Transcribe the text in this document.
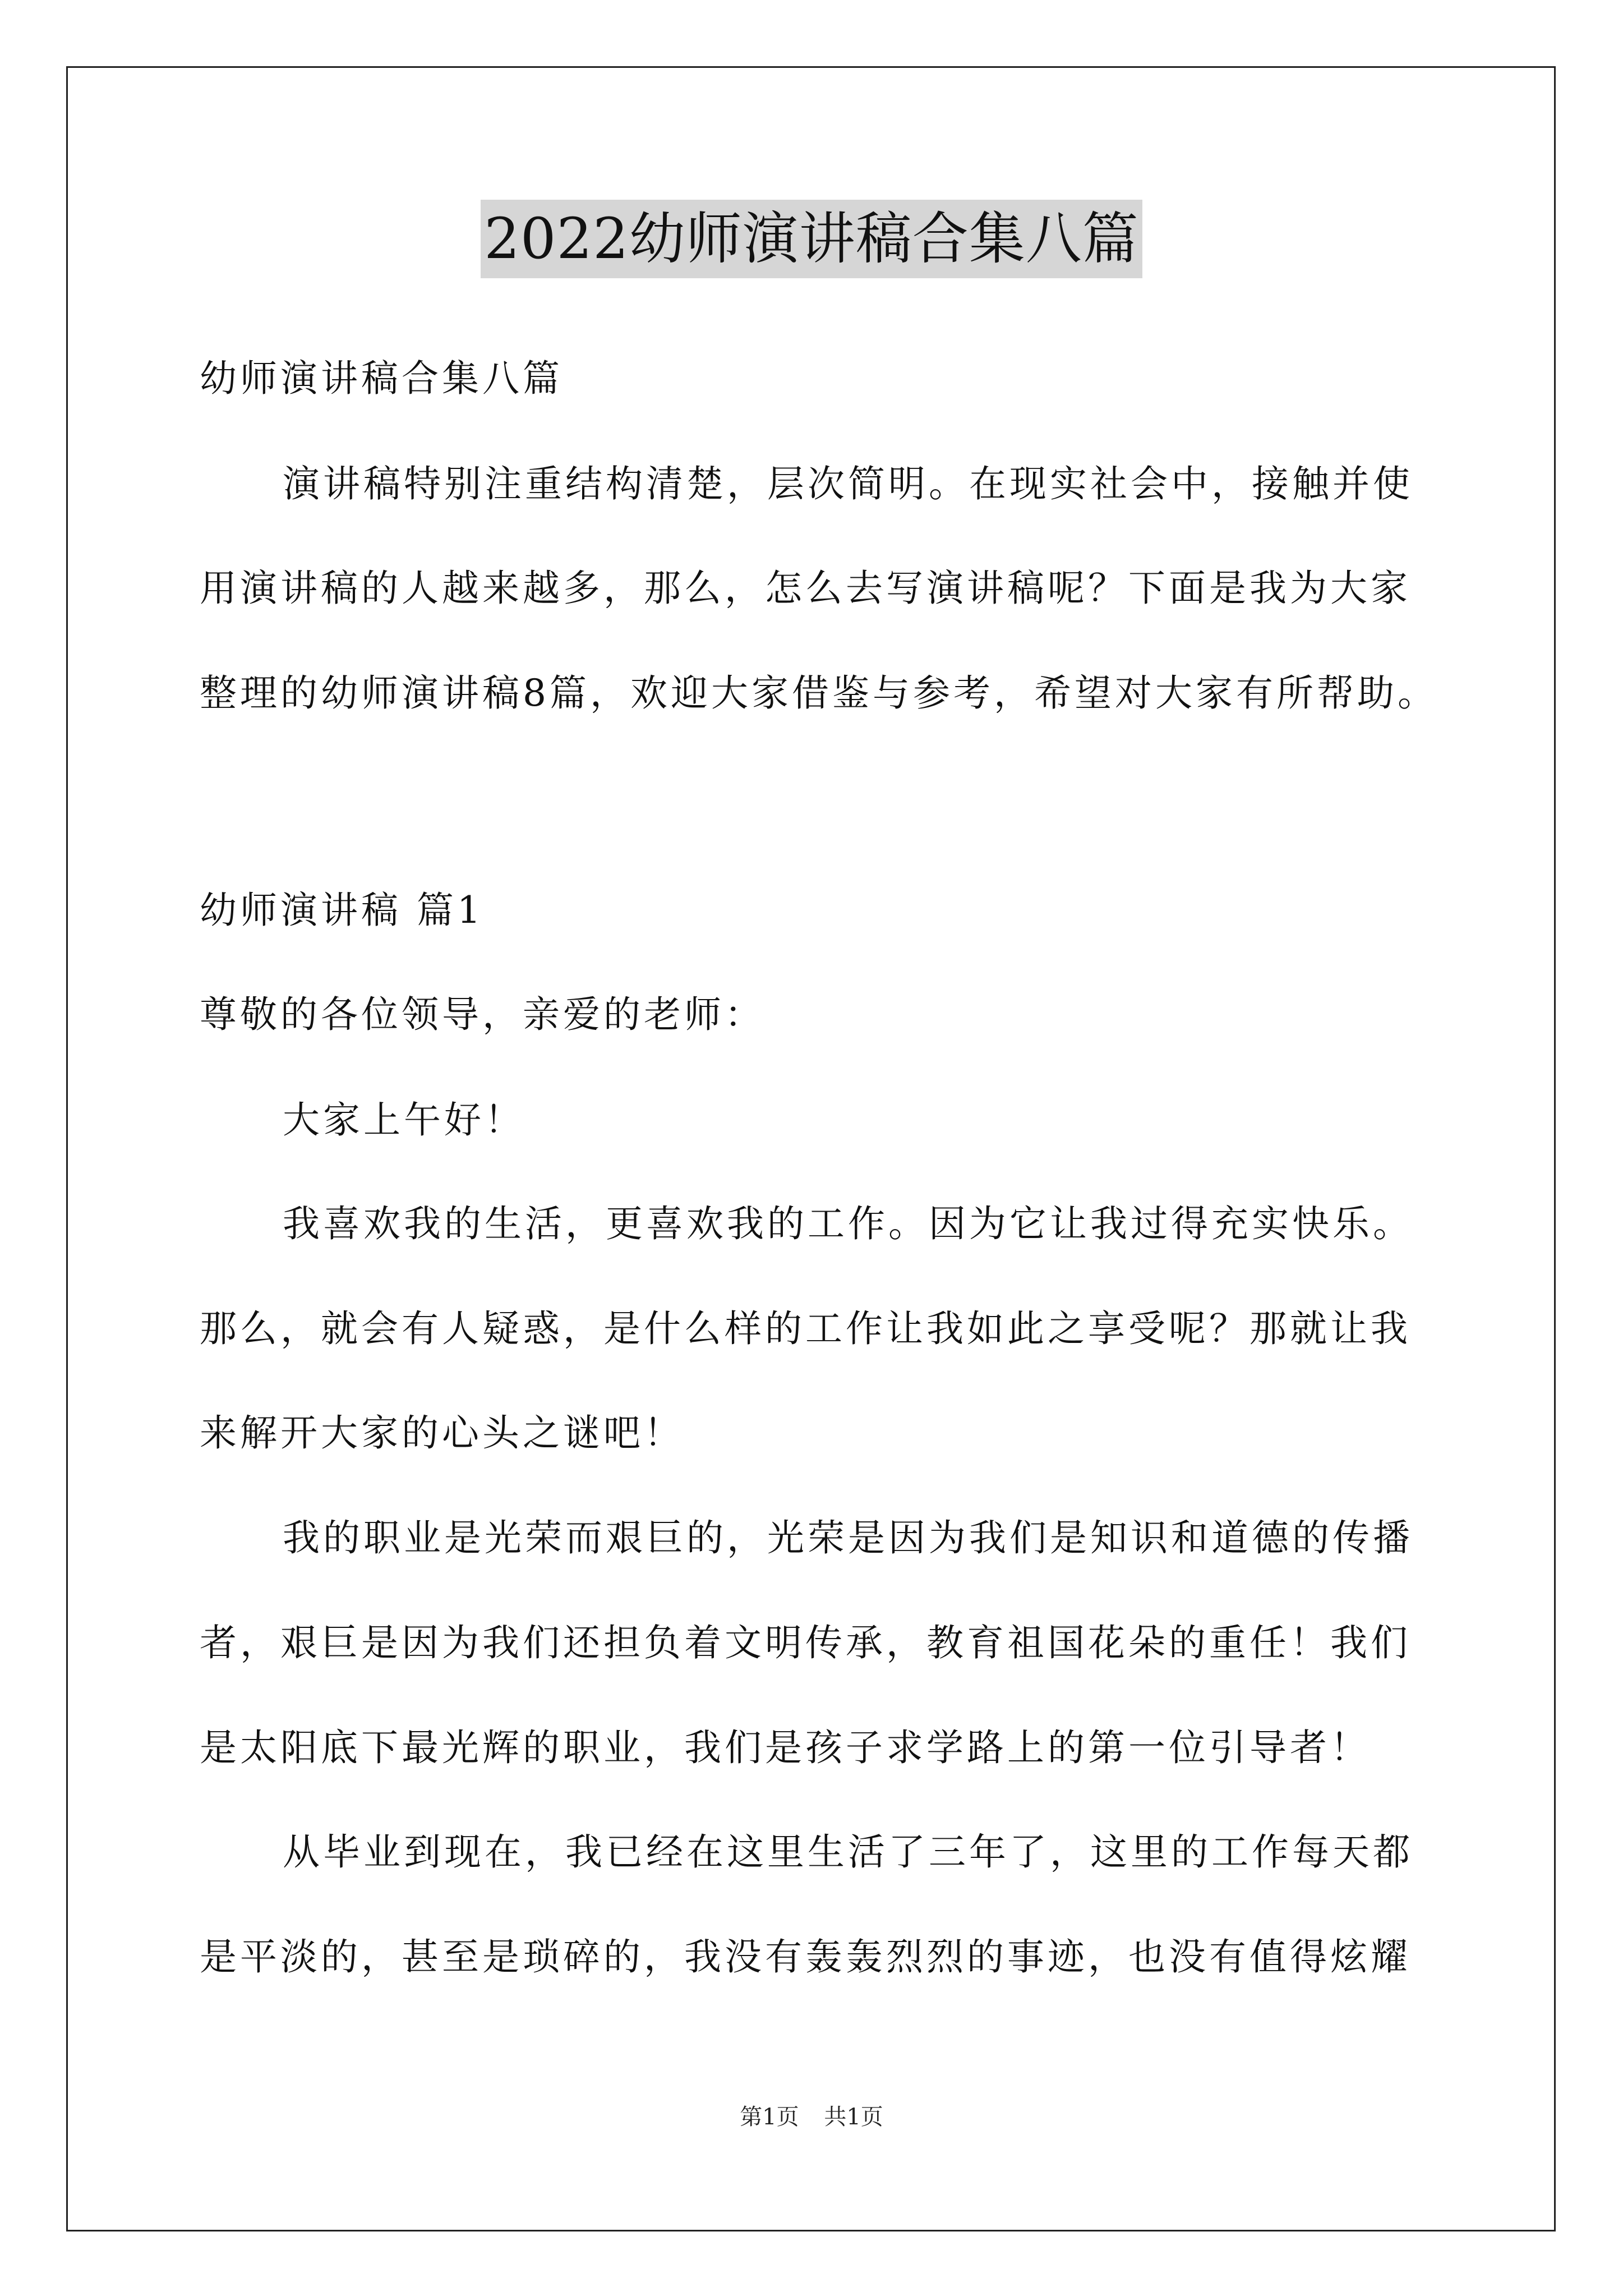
2022幼师演讲稿合集八篇

幼师演讲稿合集八篇

演讲稿特别注重结构清楚，层次简明。在现实社会中，接触并使

用演讲稿的人越来越多，那么，怎么去写演讲稿呢？下面是我为大家

整理的幼师演讲稿8篇，欢迎大家借鉴与参考，希望对大家有所帮助。

幼师演讲稿 篇1

尊敬的各位领导，亲爱的老师：

大家上午好！

我喜欢我的生活，更喜欢我的工作。因为它让我过得充实快乐。

那么，就会有人疑惑，是什么样的工作让我如此之享受呢？那就让我

来解开大家的心头之谜吧！

我的职业是光荣而艰巨的，光荣是因为我们是知识和道德的传播

者，艰巨是因为我们还担负着文明传承，教育祖国花朵的重任！我们

是太阳底下最光辉的职业，我们是孩子求学路上的第一位引导者！

从毕业到现在，我已经在这里生活了三年了，这里的工作每天都

是平淡的，甚至是琐碎的，我没有轰轰烈烈的事迹，也没有值得炫耀

第1页 共1页
